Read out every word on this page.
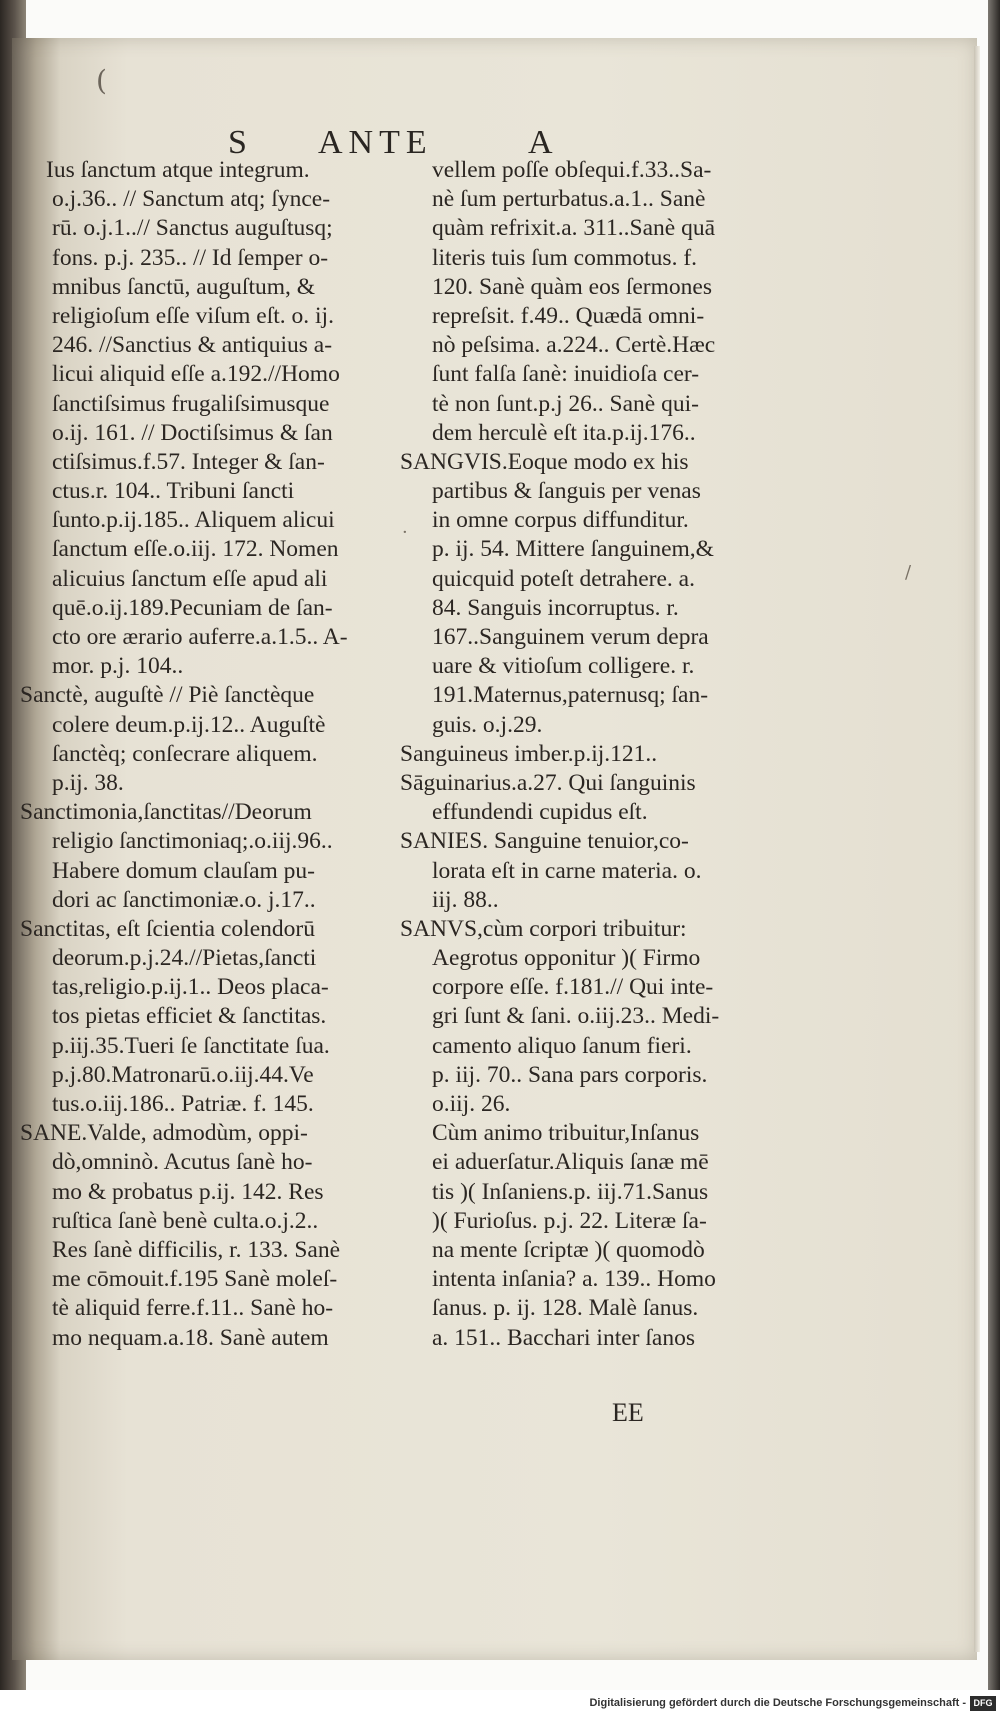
(
S ANTE	A
Ius ſanctum atque integrum.
o.j.36.. // Sanctum atq; ſynce-
rū. o.j.1..// Sanctus auguſtusq;
fons. p.j. 235.. // Id ſemper o-
mnibus ſanctū, auguſtum, &
religioſum eſſe viſum eſt. o. ij.
246. //Sanctius & antiquius a-
licui aliquid eſſe a.192.//Homo
ſanctiſsimus frugaliſsimusque
o.ij. 161. // Doctiſsimus & ſan
ctiſsimus.f.57. Integer & ſan-
ctus.r. 104.. Tribuni ſancti
ſunto.p.ij.185.. Aliquem alicui
ſanctum eſſe.o.iij. 172. Nomen
alicuius ſanctum eſſe apud ali
quē.o.ij.189.Pecuniam de ſan-
cto ore ærario auferre.a.1.5.. A-
mor. p.j. 104..
Sanctè, auguſtè // Piè ſanctèque
colere deum.p.ij.12.. Auguſtè
ſanctèq; conſecrare aliquem.
p.ij. 38.
Sanctimonia,ſanctitas//Deorum
religio ſanctimoniaq;.o.iij.96..
Habere domum clauſam pu-
dori ac ſanctimoniæ.o. j.17..
Sanctitas, eſt ſcientia colendorū
deorum.p.j.24.//Pietas,ſancti
tas,religio.p.ij.1.. Deos placa-
tos pietas efficiet & ſanctitas.
p.iij.35.Tueri ſe ſanctitate ſua.
p.j.80.Matronarū.o.iij.44.Ve
tus.o.iij.186.. Patriæ. f. 145.
SANE.Valde, admodùm, oppi-
dò,omninò. Acutus ſanè ho-
mo & probatus p.ij. 142. Res
ruſtica ſanè benè culta.o.j.2..
Res ſanè difficilis, r. 133. Sanè
me cōmouit.f.195 Sanè moleſ-
tè aliquid ferre.f.11.. Sanè ho-
mo nequam.a.18. Sanè autem
vellem poſſe obſequi.f.33..Sa-
nè ſum perturbatus.a.1.. Sanè
quàm refrixit.a. 311..Sanè quā
literis tuis ſum commotus. f.
120. Sanè quàm eos ſermones
repreſsit. f.49.. Quædā omni-
nò peſsima. a.224.. Certè.Hæc
ſunt falſa ſanè: inuidioſa cer-
tè non ſunt.p.j 26.. Sanè qui-
dem herculè eſt ita.p.ij.176..
SANGVIS.Eoque modo ex his
partibus & ſanguis per venas
in omne corpus diffunditur.
p. ij. 54. Mittere ſanguinem,&
quicquid poteſt detrahere. a.
84. Sanguis incorruptus. r.
167..Sanguinem verum depra
uare & vitioſum colligere. r.
191.Maternus,paternusq; ſan-
guis. o.j.29.
Sanguineus imber.p.ij.121..
Sāguinarius.a.27. Qui ſanguinis
effundendi cupidus eſt.
SANIES. Sanguine tenuior,co-
lorata eſt in carne materia. o.
iij. 88..
SANVS,cùm corpori tribuitur:
Aegrotus opponitur )( Firmo
corpore eſſe. f.181.// Qui inte-
gri ſunt & ſani. o.iij.23.. Medi-
camento aliquo ſanum fieri.
p. iij. 70.. Sana pars corporis.
o.iij. 26.
Cùm animo tribuitur,Inſanus
ei aduerſatur.Aliquis ſanæ mē
tis )( Inſaniens.p. iij.71.Sanus
)( Furioſus. p.j. 22. Literæ ſa-
na mente ſcriptæ )( quomodò
intenta inſania? a. 139.. Homo
ſanus. p. ij. 128. Malè ſanus.
a. 151.. Bacchari inter ſanos
EE
/
·
Digitalisierung gefördert durch die Deutsche Forschungsgemeinschaft - DFG
